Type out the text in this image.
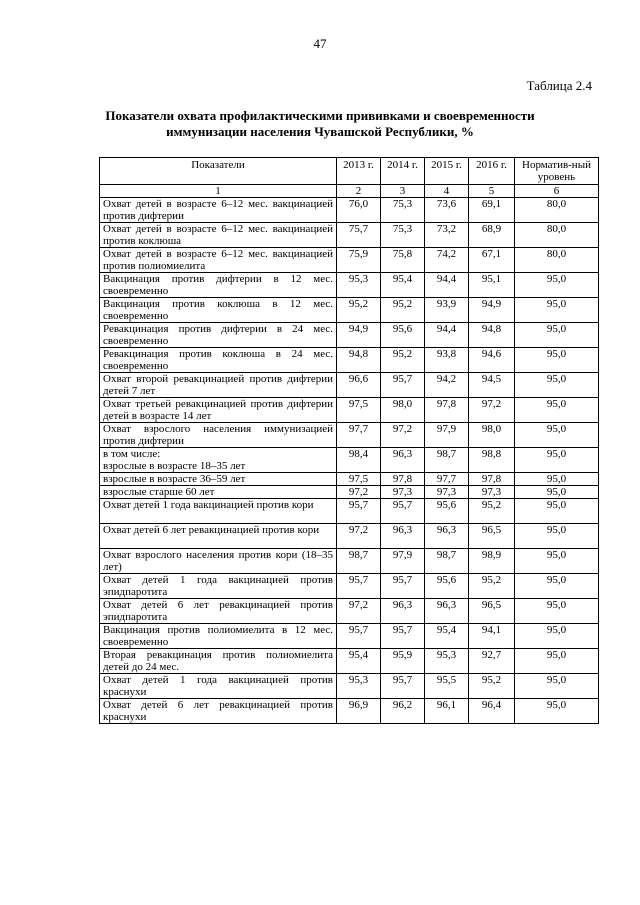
47
Таблица 2.4
Показатели охвата профилактическими прививками и своевременности иммунизации населения Чувашской Республики, %
Показатели	2013 г.	2014 г.	2015 г.	2016 г.	Норматив-ный уровень
1	2	3	4	5	6
Охват детей в возрасте 6–12 мес. вакцинацией против дифтерии	76,0	75,3	73,6	69,1	80,0
Охват детей в возрасте 6–12 мес. вакцинацией против коклюша	75,7	75,3	73,2	68,9	80,0
Охват детей в возрасте 6–12 мес. вакцинацией против полиомиелита	75,9	75,8	74,2	67,1	80,0
Вакцинация против дифтерии в 12 мес. своевременно	95,3	95,4	94,4	95,1	95,0
Вакцинация против коклюша в 12 мес. своевременно	95,2	95,2	93,9	94,9	95,0
Ревакцинация против дифтерии в 24 мес. своевременно	94,9	95,6	94,4	94,8	95,0
Ревакцинация против коклюша в 24 мес. своевременно	94,8	95,2	93,8	94,6	95,0
Охват второй ревакцинацией против дифтерии детей 7 лет	96,6	95,7	94,2	94,5	95,0
Охват третьей ревакцинацией против дифтерии детей в возрасте 14 лет	97,5	98,0	97,8	97,2	95,0
Охват взрослого населения иммунизацией против дифтерии	97,7	97,2	97,9	98,0	95,0
в том числе:
взрослые в возрасте 18–35 лет	98,4	96,3	98,7	98,8	95,0
взрослые в возрасте 36–59 лет	97,5	97,8	97,7	97,8	95,0
взрослые старше 60 лет	97,2	97,3	97,3	97,3	95,0
Охват детей 1 года вакцинацией против кори	95,7	95,7	95,6	95,2	95,0
Охват детей 6 лет ревакцинацией против кори	97,2	96,3	96,3	96,5	95,0
Охват взрослого населения против кори (18–35 лет)	98,7	97,9	98,7	98,9	95,0
Охват детей 1 года вакцинацией против эпидпаротита	95,7	95,7	95,6	95,2	95,0
Охват детей 6 лет ревакцинацией против эпидпаротита	97,2	96,3	96,3	96,5	95,0
Вакцинация против полиомиелита в 12 мес. своевременно	95,7	95,7	95,4	94,1	95,0
Вторая ревакцинация против полиомиелита детей до 24 мес.	95,4	95,9	95,3	92,7	95,0
Охват детей 1 года вакцинацией против краснухи	95,3	95,7	95,5	95,2	95,0
Охват детей 6 лет ревакцинацией против краснухи	96,9	96,2	96,1	96,4	95,0
